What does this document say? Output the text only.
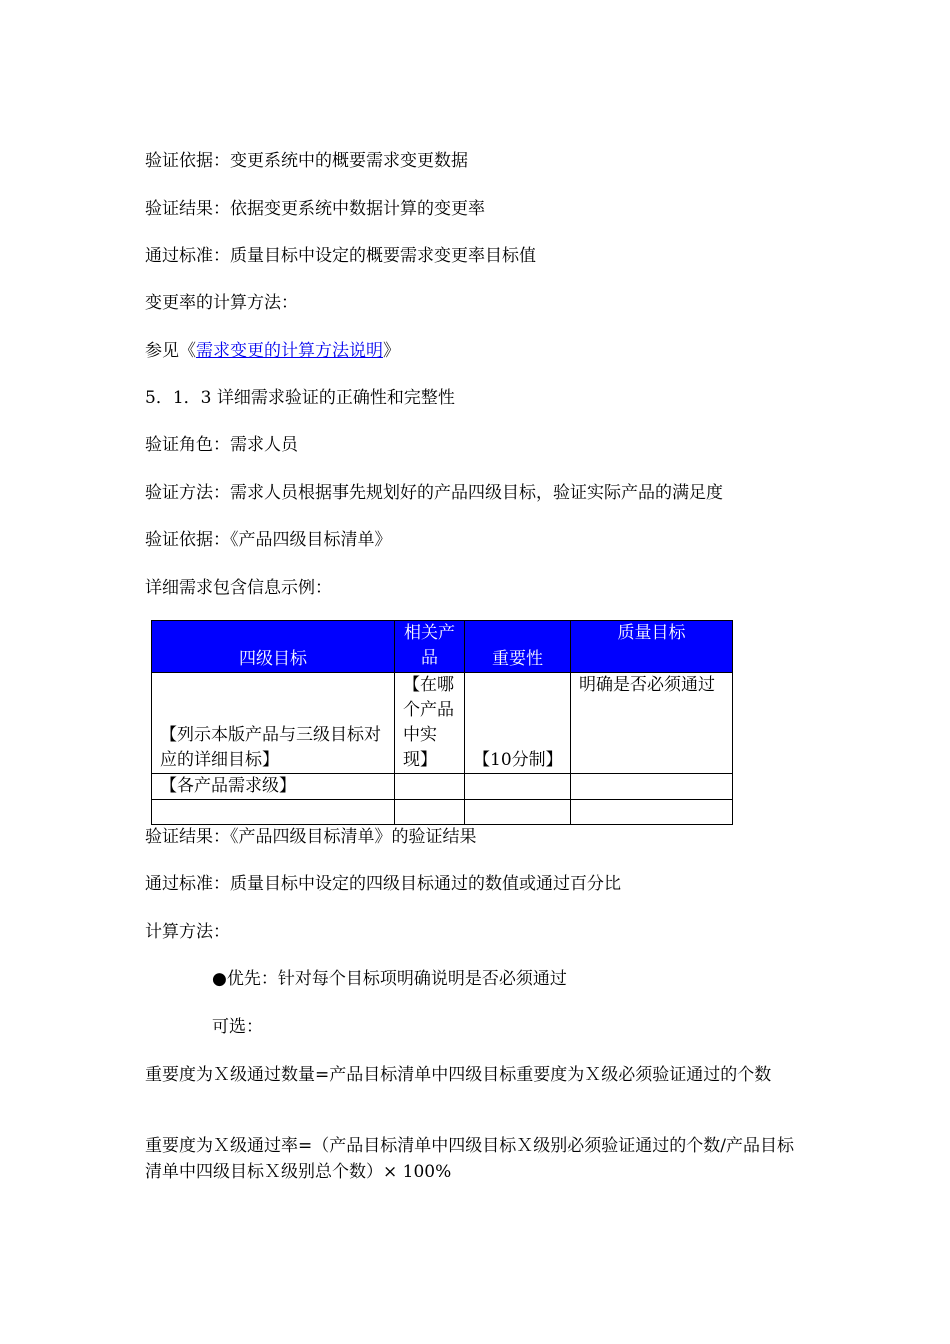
验证依据：变更系统中的概要需求变更数据
验证结果：依据变更系统中数据计算的变更率
通过标准：质量目标中设定的概要需求变更率目标值
变更率的计算方法：
参见《需求变更的计算方法说明》
5．1．3 详细需求验证的正确性和完整性
验证角色：需求人员
验证方法：需求人员根据事先规划好的产品四级目标，验证实际产品的满足度
验证依据：《产品四级目标清单》
详细需求包含信息示例：
四级目标	相关产品	重要性	质量目标
【列示本版产品与三级目标对应的详细目标】	【在哪个产品中实现】	【10分制】	明确是否必须通过
【各产品需求级】			

验证结果：《产品四级目标清单》的验证结果
通过标准：质量目标中设定的四级目标通过的数值或通过百分比
计算方法：
●优先：针对每个目标项明确说明是否必须通过
可选：
重要度为Ｘ级通过数量=产品目标清单中四级目标重要度为Ｘ级必须验证通过的个数
重要度为Ｘ级通过率=（产品目标清单中四级目标Ｘ级别必须验证通过的个数/产品目标清单中四级目标Ｘ级别总个数）× 100%
